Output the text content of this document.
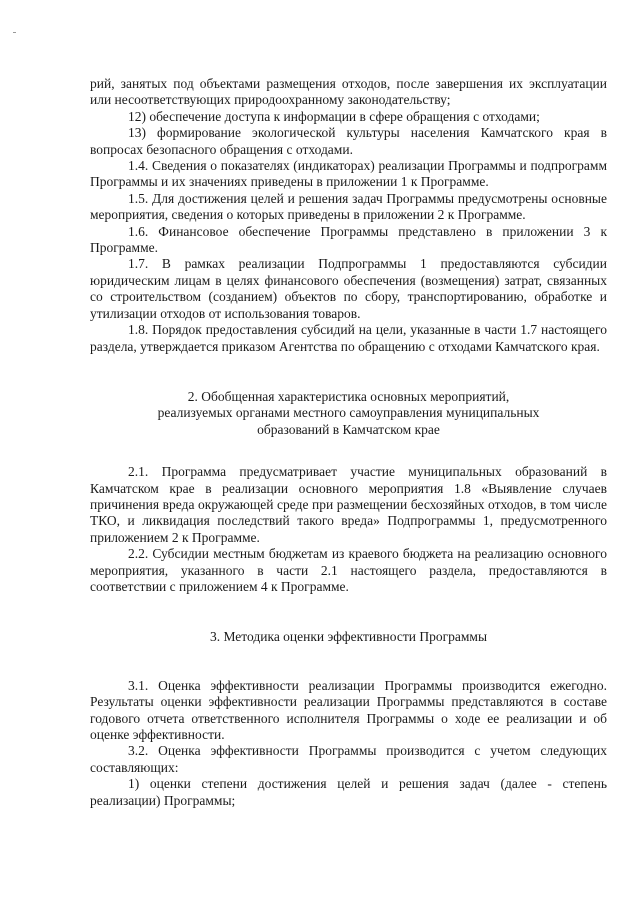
рий, занятых под объектами размещения отходов, после завершения их эксплуатации или несоответствующих природоохранному законодательству;

12) обеспечение доступа к информации в сфере обращения с отходами;

13) формирование экологической культуры населения Камчатского края в вопросах безопасного обращения с отходами.

1.4. Сведения о показателях (индикаторах) реализации Программы и подпрограмм Программы и их значениях приведены в приложении 1 к Программе.

1.5. Для достижения целей и решения задач Программы предусмотрены основные мероприятия, сведения о которых приведены в приложении 2 к Программе.

1.6. Финансовое обеспечение Программы представлено в приложении 3 к Программе.

1.7. В рамках реализации Подпрограммы 1 предоставляются субсидии юридическим лицам в целях финансового обеспечения (возмещения) затрат, связанных со строительством (созданием) объектов по сбору, транспортированию, обработке и утилизации отходов от использования товаров.

1.8. Порядок предоставления субсидий на цели, указанные в части 1.7 настоящего раздела, утверждается приказом Агентства по обращению с отходами Камчатского края.

2. Обобщенная характеристика основных мероприятий,
реализуемых органами местного самоуправления муниципальных
образований в Камчатском крае

2.1. Программа предусматривает участие муниципальных образований в Камчатском крае в реализации основного мероприятия 1.8 «Выявление случаев причинения вреда окружающей среде при размещении бесхозяйных отходов, в том числе ТКО, и ликвидация последствий такого вреда» Подпрограммы 1, предусмотренного приложением 2 к Программе.

2.2. Субсидии местным бюджетам из краевого бюджета на реализацию основного мероприятия, указанного в части 2.1 настоящего раздела, предоставляются в соответствии с приложением 4 к Программе.

3. Методика оценки эффективности Программы

3.1. Оценка эффективности реализации Программы производится ежегодно. Результаты оценки эффективности реализации Программы представляются в составе годового отчета ответственного исполнителя Программы о ходе ее реализации и об оценке эффективности.

3.2. Оценка эффективности Программы производится с учетом следующих составляющих:

1) оценки степени достижения целей и решения задач (далее - степень реализации) Программы;
